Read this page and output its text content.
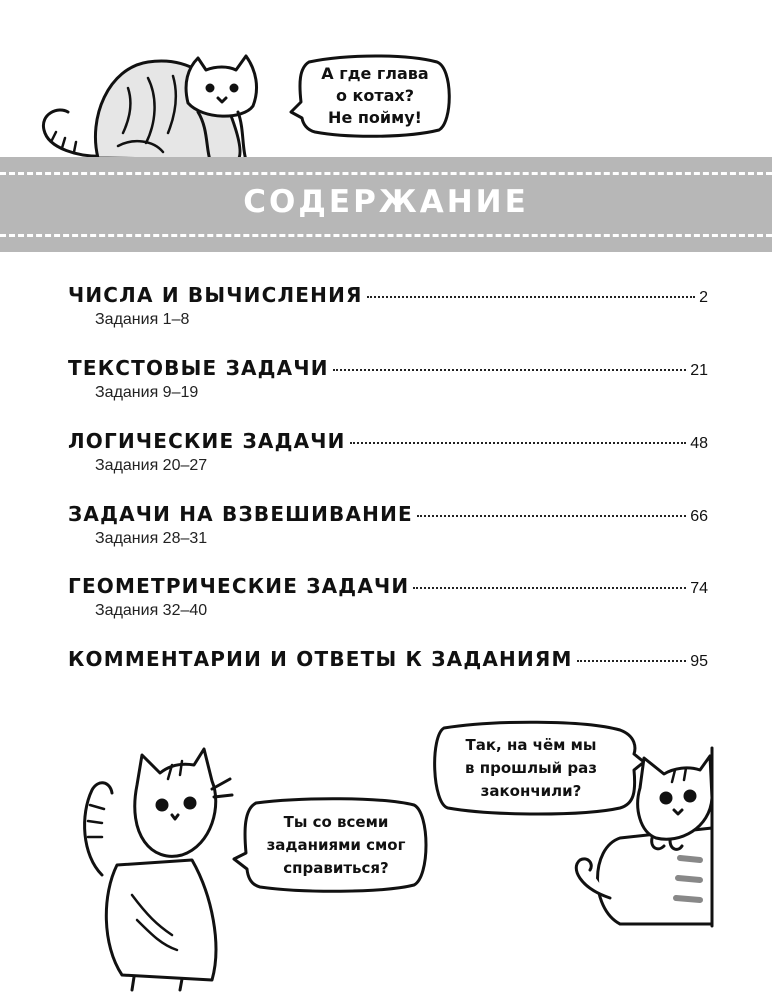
А где глава
о котах?
Не пойму!
СОДЕРЖАНИЕ
ЧИСЛА И ВЫЧИСЛЕНИЯ	2
Задания 1–8
ТЕКСТОВЫЕ ЗАДАЧИ	21
Задания 9–19
ЛОГИЧЕСКИЕ ЗАДАЧИ	48
Задания 20–27
ЗАДАЧИ НА ВЗВЕШИВАНИЕ	66
Задания 28–31
ГЕОМЕТРИЧЕСКИЕ ЗАДАЧИ	74
Задания 32–40
КОММЕНТАРИИ И ОТВЕТЫ К ЗАДАНИЯМ	95
Ты со всеми
заданиями смог
справиться?
Так, на чём мы
в прошлый раз
закончили?
